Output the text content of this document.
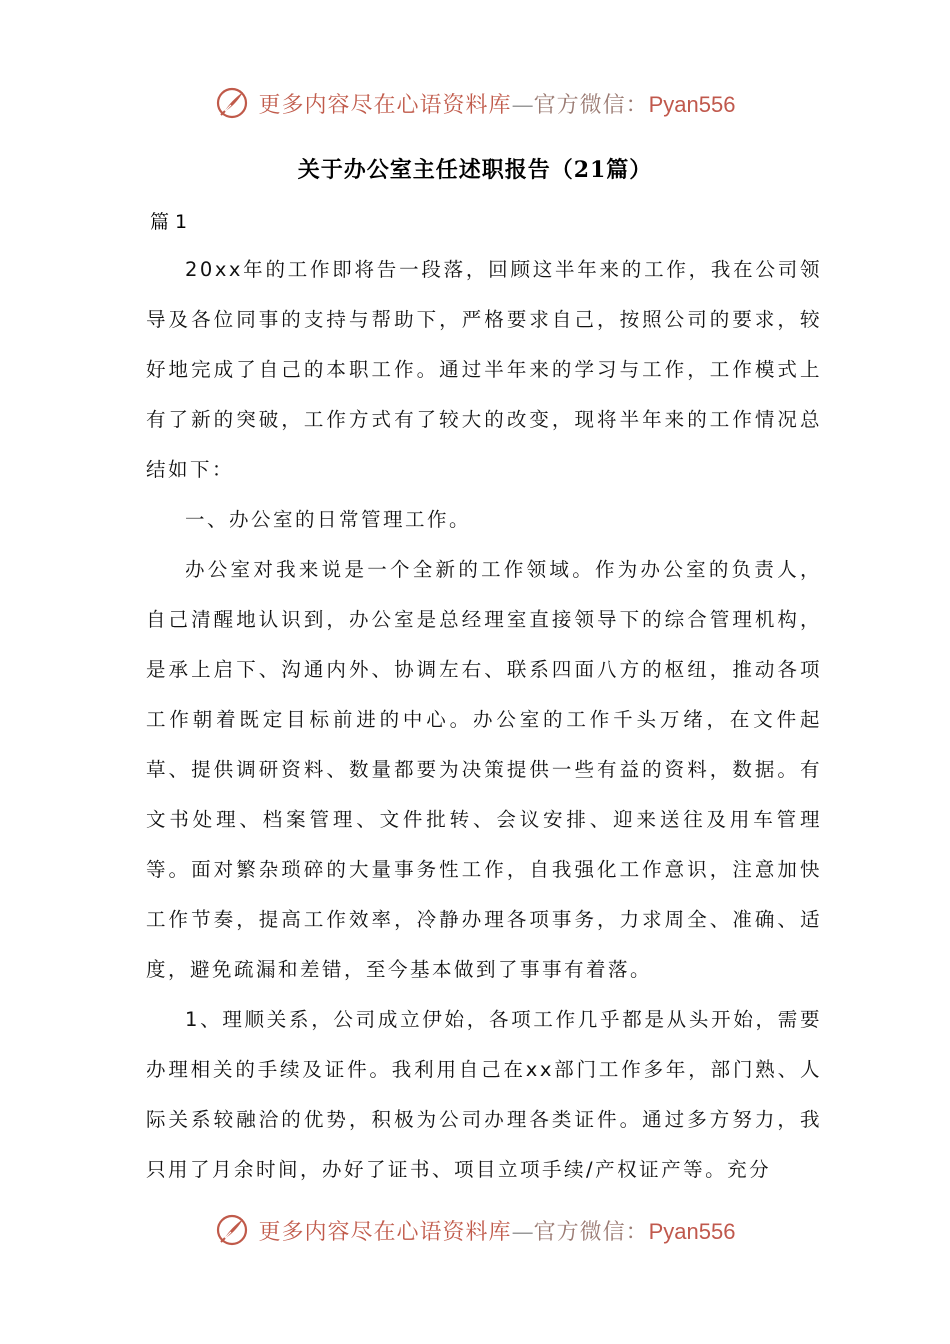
更多内容尽在心语资料库—官方微信：Pyan556
关于办公室主任述职报告（21篇）
篇 1

20xx年的工作即将告一段落，回顾这半年来的工作，我在公司领导及各位同事的支持与帮助下，严格要求自己，按照公司的要求，较好地完成了自己的本职工作。通过半年来的学习与工作，工作模式上有了新的突破，工作方式有了较大的改变，现将半年来的工作情况总结如下：

一、办公室的日常管理工作。

办公室对我来说是一个全新的工作领域。作为办公室的负责人，自己清醒地认识到，办公室是总经理室直接领导下的综合管理机构，是承上启下、沟通内外、协调左右、联系四面八方的枢纽，推动各项工作朝着既定目标前进的中心。办公室的工作千头万绪，在文件起草、提供调研资料、数量都要为决策提供一些有益的资料，数据。有文书处理、档案管理、文件批转、会议安排、迎来送往及用车管理等。面对繁杂琐碎的大量事务性工作，自我强化工作意识，注意加快工作节奏，提高工作效率，冷静办理各项事务，力求周全、准确、适度，避免疏漏和差错，至今基本做到了事事有着落。

1、理顺关系，公司成立伊始，各项工作几乎都是从头开始，需要办理相关的手续及证件。我利用自己在xx部门工作多年，部门熟、人际关系较融洽的优势，积极为公司办理各类证件。通过多方努力，我只用了月余时间，办好了证书、项目立项手续/产权证产等。充分

更多内容尽在心语资料库—官方微信：Pyan556
